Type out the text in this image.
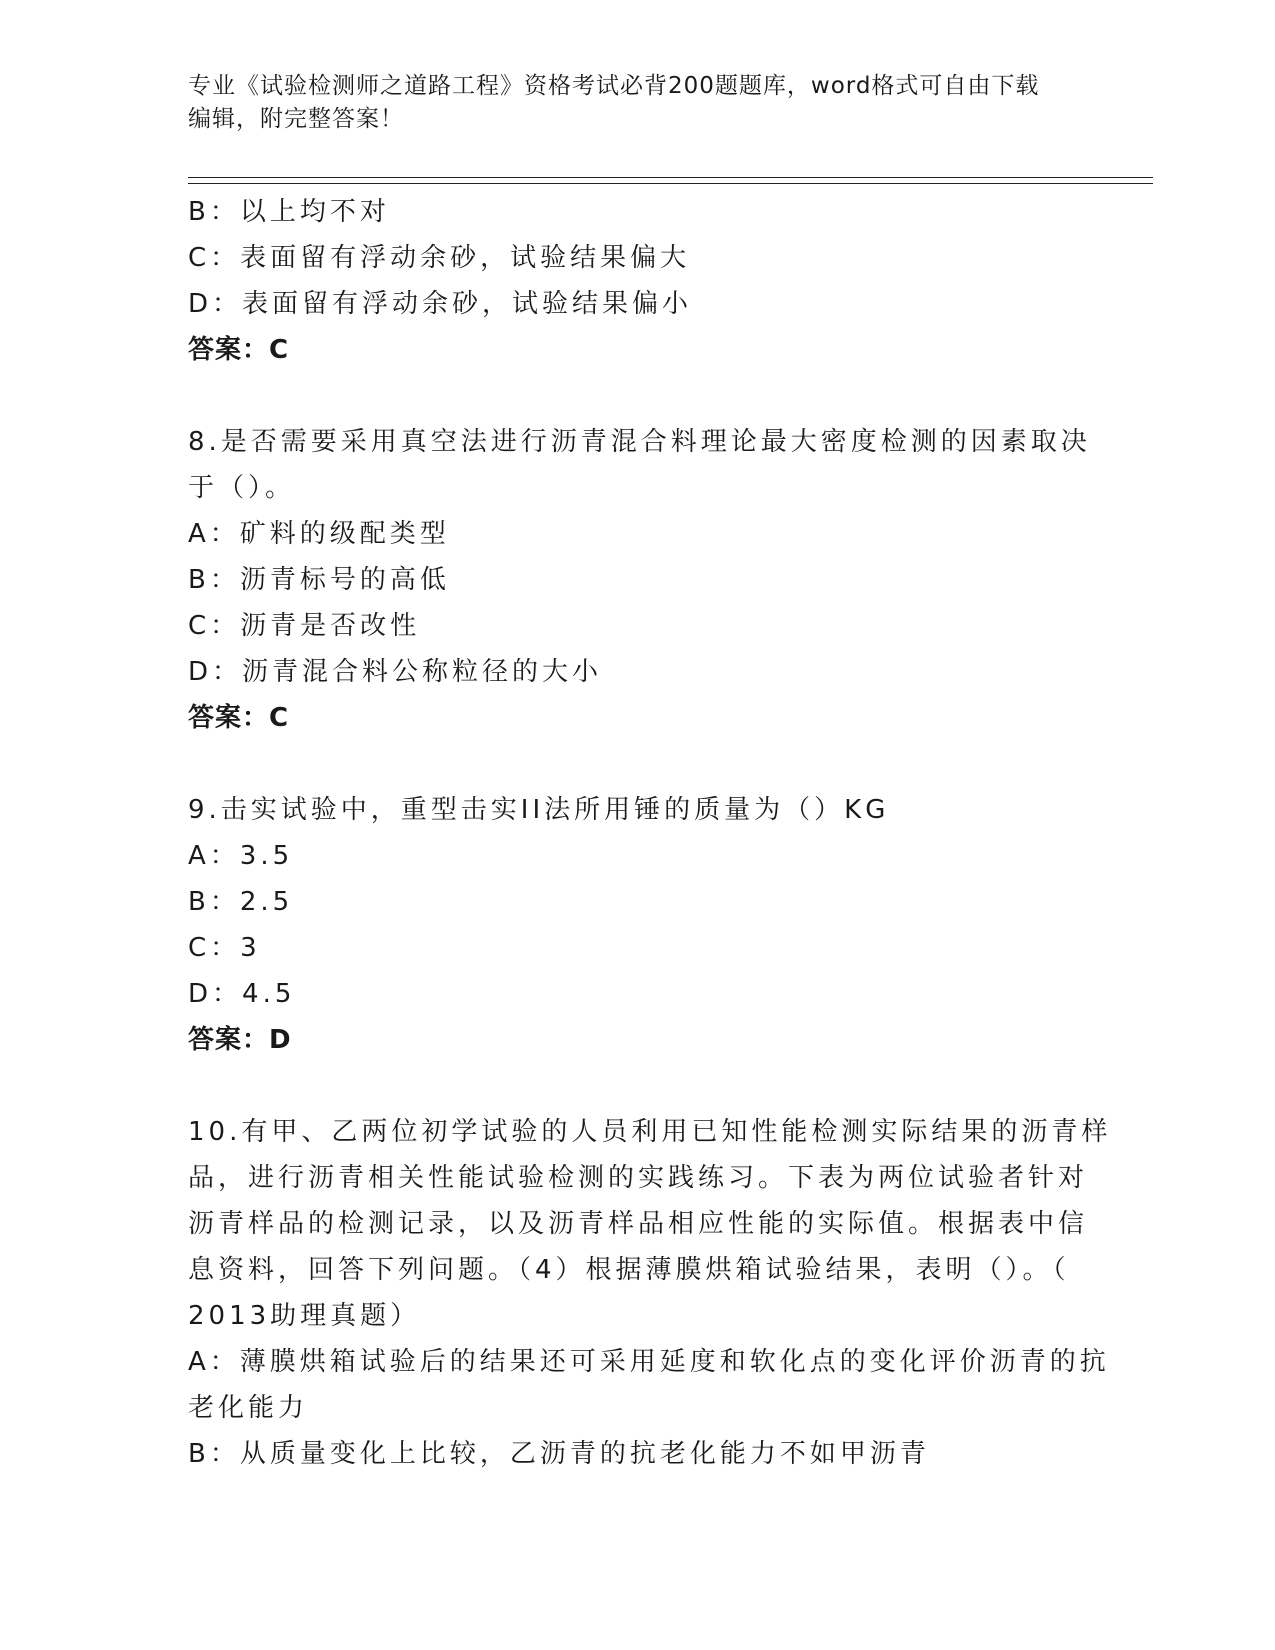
专业《试验检测师之道路工程》资格考试必背200题题库，word格式可自由下载
编辑，附完整答案！
B：以上均不对
C：表面留有浮动余砂，试验结果偏大
D：表面留有浮动余砂，试验结果偏小
答案：C
8.是否需要采用真空法进行沥青混合料理论最大密度检测的因素取决
于（）。
A：矿料的级配类型
B：沥青标号的高低
C：沥青是否改性
D：沥青混合料公称粒径的大小
答案：C
9.击实试验中，重型击实II法所用锤的质量为（）KG
A：3.5
B：2.5
C：3
D：4.5
答案：D
10.有甲、乙两位初学试验的人员利用已知性能检测实际结果的沥青样
品，进行沥青相关性能试验检测的实践练习。下表为两位试验者针对
沥青样品的检测记录，以及沥青样品相应性能的实际值。根据表中信
息资料，回答下列问题。（4）根据薄膜烘箱试验结果，表明（）。（
2013助理真题）
A：薄膜烘箱试验后的结果还可采用延度和软化点的变化评价沥青的抗
老化能力
B：从质量变化上比较，乙沥青的抗老化能力不如甲沥青
